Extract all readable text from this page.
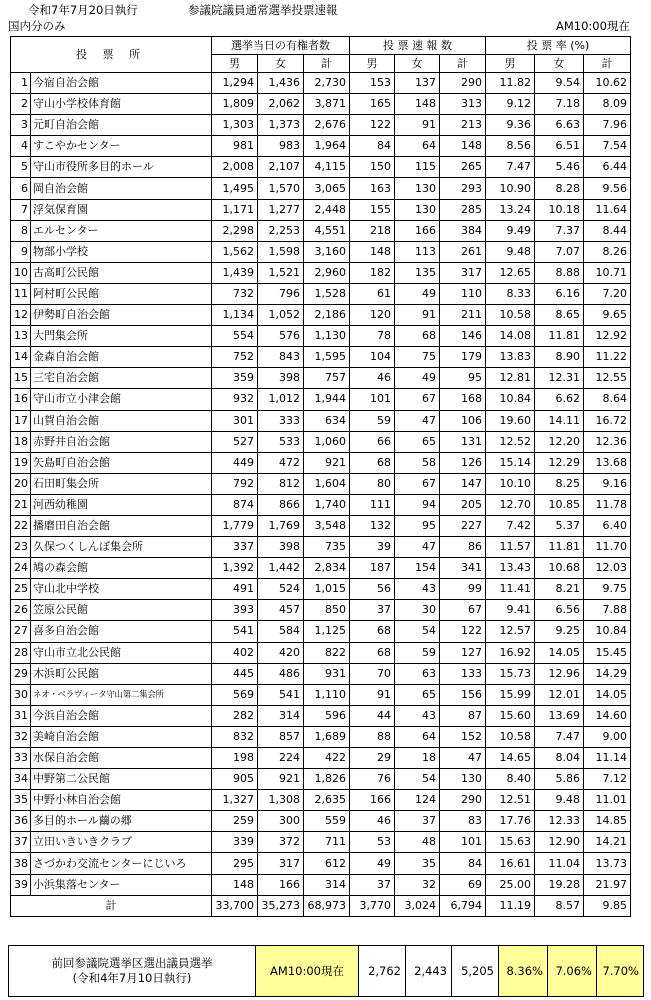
令和7年7月20日執行	参議院議員通常選挙投票速報
国内分のみ	AM10:00現在
投 票 所		選挙当日の有権者数			投 票 速 報 数			投 票 率 (%)		
		男	女	計	男	女	計	男	女	計
1	今宿自治会館	1,294	1,436	2,730	153	137	290	11.82	9.54	10.62
2	守山小学校体育館	1,809	2,062	3,871	165	148	313	9.12	7.18	8.09
3	元町自治会館	1,303	1,373	2,676	122	91	213	9.36	6.63	7.96
4	すこやかセンター	981	983	1,964	84	64	148	8.56	6.51	7.54
5	守山市役所多目的ホール	2,008	2,107	4,115	150	115	265	7.47	5.46	6.44
6	岡自治会館	1,495	1,570	3,065	163	130	293	10.90	8.28	9.56
7	浮気保育園	1,171	1,277	2,448	155	130	285	13.24	10.18	11.64
8	エルセンター	2,298	2,253	4,551	218	166	384	9.49	7.37	8.44
9	物部小学校	1,562	1,598	3,160	148	113	261	9.48	7.07	8.26
10	古高町公民館	1,439	1,521	2,960	182	135	317	12.65	8.88	10.71
11	阿村町公民館	732	796	1,528	61	49	110	8.33	6.16	7.20
12	伊勢町自治会館	1,134	1,052	2,186	120	91	211	10.58	8.65	9.65
13	大門集会所	554	576	1,130	78	68	146	14.08	11.81	12.92
14	金森自治会館	752	843	1,595	104	75	179	13.83	8.90	11.22
15	三宅自治会館	359	398	757	46	49	95	12.81	12.31	12.55
16	守山市立小津会館	932	1,012	1,944	101	67	168	10.84	6.62	8.64
17	山賀自治会館	301	333	634	59	47	106	19.60	14.11	16.72
18	赤野井自治会館	527	533	1,060	66	65	131	12.52	12.20	12.36
19	矢島町自治会館	449	472	921	68	58	126	15.14	12.29	13.68
20	石田町集会所	792	812	1,604	80	67	147	10.10	8.25	9.16
21	河西幼稚園	874	866	1,740	111	94	205	12.70	10.85	11.78
22	播磨田自治会館	1,779	1,769	3,548	132	95	227	7.42	5.37	6.40
23	久保つくしんぼ集会所	337	398	735	39	47	86	11.57	11.81	11.70
24	鳩の森会館	1,392	1,442	2,834	187	154	341	13.43	10.68	12.03
25	守山北中学校	491	524	1,015	56	43	99	11.41	8.21	9.75
26	笠原公民館	393	457	850	37	30	67	9.41	6.56	7.88
27	喜多自治会館	541	584	1,125	68	54	122	12.57	9.25	10.84
28	守山市立北公民館	402	420	822	68	59	127	16.92	14.05	15.45
29	木浜町公民館	445	486	931	70	63	133	15.73	12.96	14.29
30	ネオ・ベラヴィータ守山第二集会所	569	541	1,110	91	65	156	15.99	12.01	14.05
31	今浜自治会館	282	314	596	44	43	87	15.60	13.69	14.60
32	美崎自治会館	832	857	1,689	88	64	152	10.58	7.47	9.00
33	水保自治会館	198	224	422	29	18	47	14.65	8.04	11.14
34	中野第二公民館	905	921	1,826	76	54	130	8.40	5.86	7.12
35	中野小林自治会館	1,327	1,308	2,635	166	124	290	12.51	9.48	11.01
36	多目的ホール繭の郷	259	300	559	46	37	83	17.76	12.33	14.85
37	立田いきいきクラブ	339	372	711	53	48	101	15.63	12.90	14.21
38	さづかわ交流センターにじいろ	295	317	612	49	35	84	16.61	11.04	13.73
39	小浜集落センター	148	166	314	37	32	69	25.00	19.28	21.97
計		33,700	35,273	68,973	3,770	3,024	6,794	11.19	8.57	9.85
前回参議院選挙区選出議員選挙
(令和4年7月10日執行)	AM10:00現在	2,762	2,443	5,205	8.36%	7.06%	7.70%
